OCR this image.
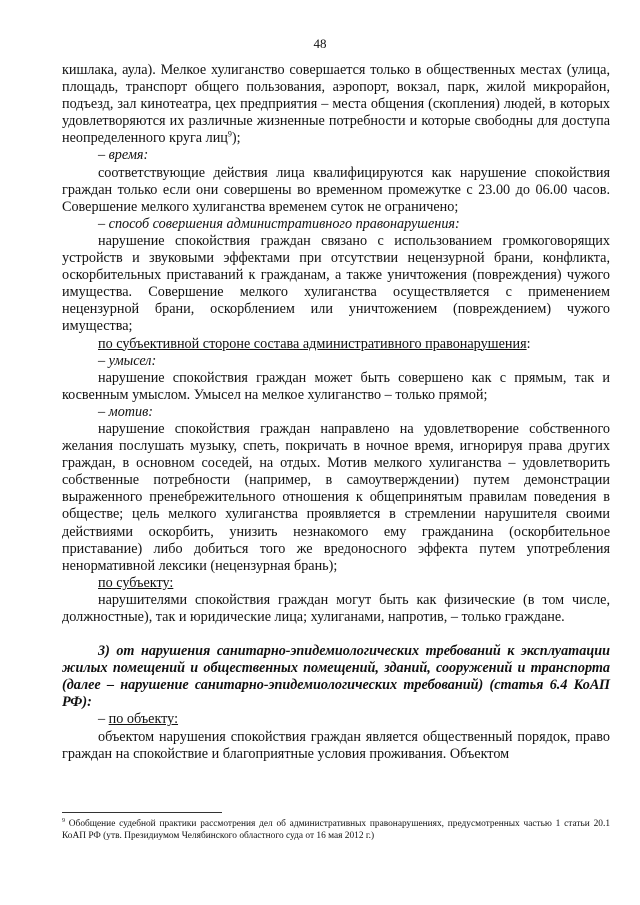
48

кишлака, аула). Мелкое хулиганство совершается только в общественных местах (улица, площадь, транспорт общего пользования, аэропорт, вокзал, парк, жилой микрорайон, подъезд, зал кинотеатра, цех предприятия – места общения (скопления) людей, в которых удовлетворяются их различные жизненные потребности и которые свободны для доступа неопределенного круга лиц$^9$);

– время:

соответствующие действия лица квалифицируются как нарушение спокойствия граждан только если они совершены во временном промежутке с 23.00 до 06.00 часов. Совершение мелкого хулиганства временем суток не ограничено;

– способ совершения административного правонарушения:

нарушение спокойствия граждан связано с использованием громкоговорящих устройств и звуковыми эффектами при отсутствии нецензурной брани, конфликта, оскорбительных приставаний к гражданам, а также уничтожения (повреждения) чужого имущества. Совершение мелкого хулиганства осуществляется с применением нецензурной брани, оскорблением или уничтожением (повреждением) чужого имущества;

по субъективной стороне состава административного правонарушения:

– умысел:

нарушение спокойствия граждан может быть совершено как с прямым, так и косвенным умыслом. Умысел на мелкое хулиганство – только прямой;

– мотив:

нарушение спокойствия граждан направлено на удовлетворение собственного желания послушать музыку, спеть, покричать в ночное время, игнорируя права других граждан, в основном соседей, на отдых. Мотив мелкого хулиганства – удовлетворить собственные потребности (например, в самоутверждении) путем демонстрации выраженного пренебрежительного отношения к общепринятым правилам поведения в обществе; цель мелкого хулиганства проявляется в стремлении нарушителя своими действиями оскорбить, унизить незнакомого ему гражданина (оскорбительное приставание) либо добиться того же вредоносного эффекта путем употребления ненормативной лексики (нецензурная брань);

по субъекту:

нарушителями спокойствия граждан могут быть как физические (в том числе, должностные), так и юридические лица; хулиганами, напротив, – только граждане.

3) от нарушения санитарно-эпидемиологических требований к эксплуатации жилых помещений и общественных помещений, зданий, сооружений и транспорта (далее – нарушение санитарно-эпидемиологических требований) (статья 6.4 КоАП РФ):

– по объекту:

объектом нарушения спокойствия граждан является общественный порядок, право граждан на спокойствие и благоприятные условия проживания. Объектом

$^9$ Обобщение судебной практики рассмотрения дел об административных правонарушениях, предусмотренных частью 1 статьи 20.1 КоАП РФ (утв. Президиумом Челябинского областного суда от 16 мая 2012 г.)
